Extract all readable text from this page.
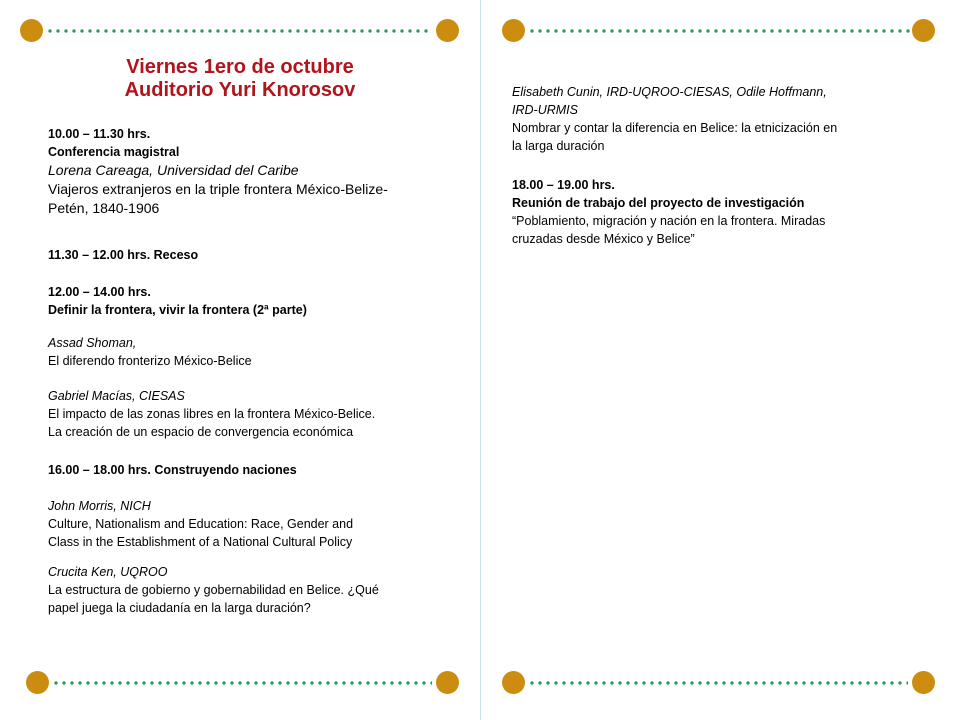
Viernes 1ero de octubre
Auditorio Yuri Knorosov
10.00 – 11.30 hrs.
Conferencia magistral
Lorena Careaga, Universidad del Caribe
Viajeros extranjeros en la triple frontera México-Belize-
Petén, 1840-1906
11.30 – 12.00 hrs. Receso
12.00 – 14.00 hrs.
Definir la frontera, vivir la frontera (2ª parte)
Assad Shoman,
El diferendo fronterizo México-Belice
Gabriel Macías, CIESAS
El impacto de las zonas libres en la frontera México-Belice.
La creación de un espacio de convergencia económica
16.00 – 18.00 hrs. Construyendo naciones
John Morris, NICH
Culture, Nationalism and Education: Race, Gender and
Class in the Establishment of a National Cultural Policy
Crucita Ken, UQROO
La estructura de gobierno y gobernabilidad en Belice. ¿Qué
papel juega la ciudadanía en la larga duración?
Elisabeth Cunin, IRD-UQROO-CIESAS, Odile Hoffmann,
IRD-URMIS
Nombrar y contar la diferencia en Belice: la etnicización en
la larga duración
18.00 – 19.00 hrs.
Reunión de trabajo del proyecto de investigación
“Poblamiento, migración y nación en la frontera. Miradas
cruzadas desde México y Belice”
